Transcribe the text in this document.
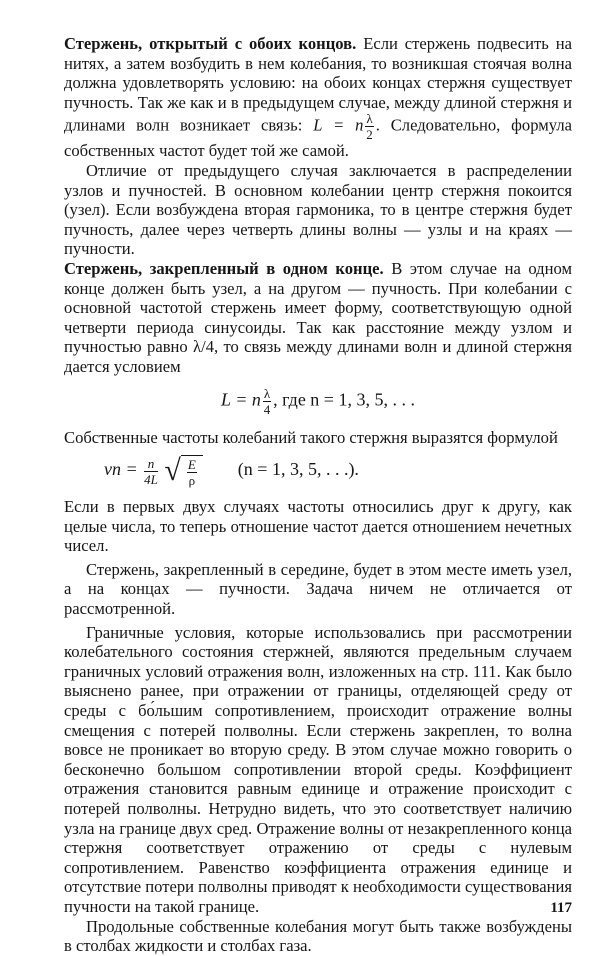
Стержень, открытый с обоих концов. Если стержень подвесить на нитях, а затем возбудить в нем колебания, то возникшая стоячая волна должна удовлетворять условию: на обоих концах стержня существует пучность. Так же как и в предыдущем случае, между длиной стержня и длинами волн возникает связь: L = n $\frac{\lambda}{2}$ . Следовательно, формула собственных частот будет той же самой.

Отличие от предыдущего случая заключается в распределении узлов и пучностей. В основном колебании центр стержня покоится (узел). Если возбуждена вторая гармоника, то в центре стержня будет пучность, далее через четверть длины волны — узлы и на краях — пучности.

Стержень, закрепленный в одном конце. В этом случае на одном конце должен быть узел, а на другом — пучность. При колебании с основной частотой стержень имеет форму, соответствующую одной четверти периода синусоиды. Так как расстояние между узлом и пучностью равно λ/4, то связь между длинами волн и длиной стержня дается условием

L = n $\frac{\lambda}{4}$ , где n = 1, 3, 5, . . .

Собственные частоты колебаний такого стержня выразятся формулой

$\nu n = \frac{n}{4L}$ √ $\frac{E}{\rho} (n = 1$, 3, 5, . . .).

Если в первых двух случаях частоты относились друг к другу, как целые числа, то теперь отношение частот дается отношением нечетных чисел.

Стержень, закрепленный в середине, будет в этом месте иметь узел, а на концах — пучности. Задача ничем не отличается от рассмотренной.

Граничные условия, которые использовались при рассмотрении колебательного состояния стержней, являются предельным случаем граничных условий отражения волн, изложенных на стр. 111. Как было выяснено ранее, при отражении от границы, отделяющей среду от среды с бо́льшим сопротивлением, происходит отражение волны смещения с потерей полволны. Если стержень закреплен, то волна вовсе не проникает во вторую среду. В этом случае можно говорить о бесконечно большом сопротивлении второй среды. Коэффициент отражения становится равным единице и отражение происходит с потерей полволны. Нетрудно видеть, что это соответствует наличию узла на границе двух сред. Отражение волны от незакрепленного конца стержня соответствует отражению от среды с нулевым сопротивлением. Равенство коэффициента отражения единице и отсутствие потери полволны приводят к необходимости существования пучности на такой границе.

Продольные собственные колебания могут быть также возбуждены в столбах жидкости и столбах газа.

117
